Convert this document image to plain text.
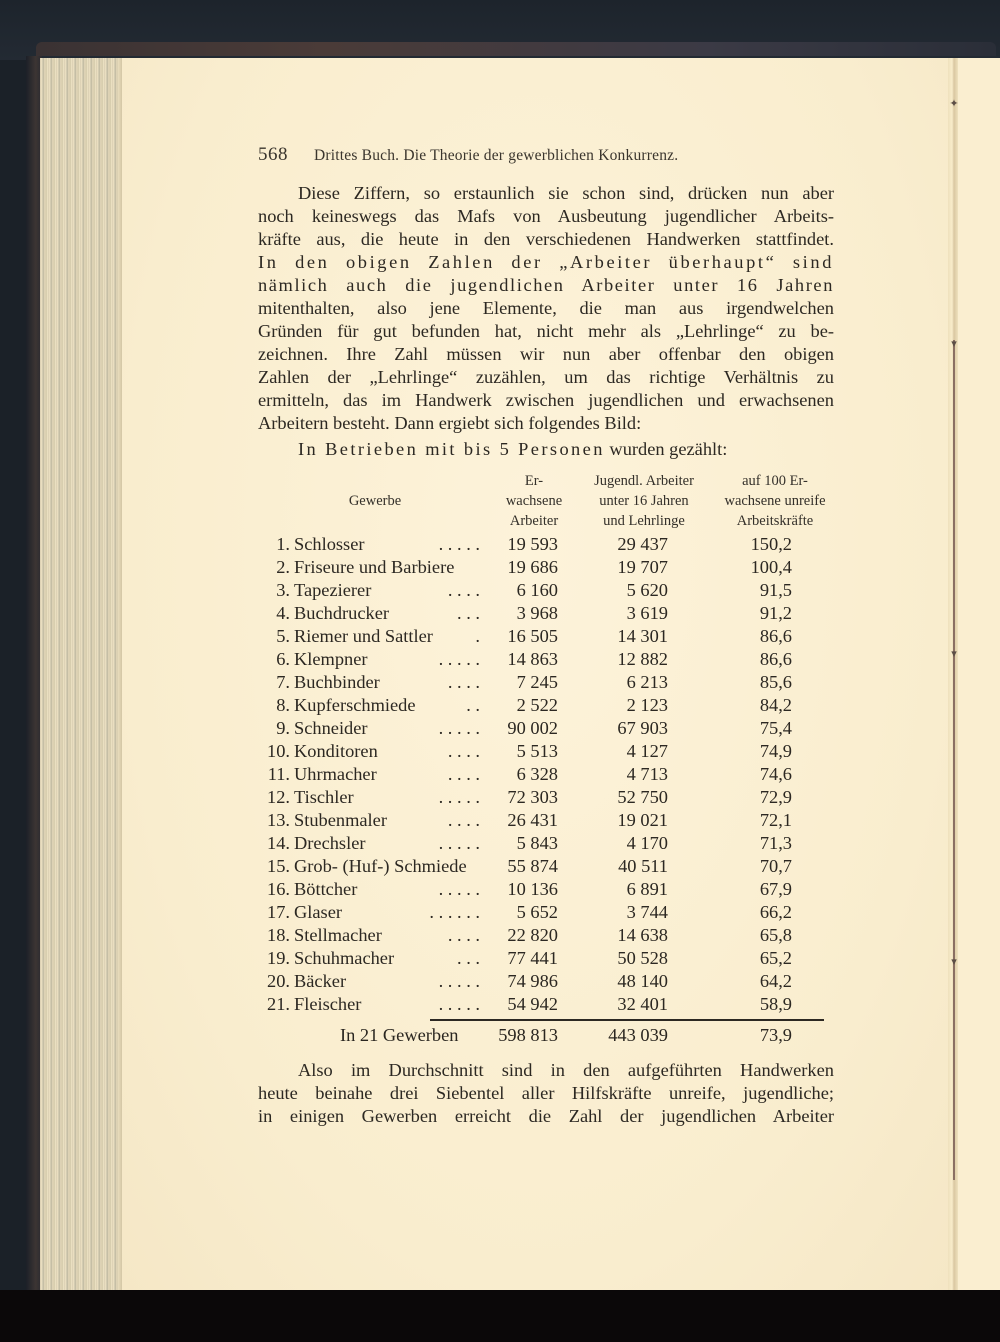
✦
▾
▾
▾
568 Drittes Buch. Die Theorie der gewerblichen Konkurrenz.
Diese Ziffern, so erstaunlich sie schon sind, drücken nun aber
noch keineswegs das Mafs von Ausbeutung jugendlicher Arbeits-
kräfte aus, die heute in den verschiedenen Handwerken stattfindet.
In den obigen Zahlen der „Arbeiter überhaupt“ sind
nämlich auch die jugendlichen Arbeiter unter 16 Jahren
mitenthalten, also jene Elemente, die man aus irgendwelchen
Gründen für gut befunden hat, nicht mehr als „Lehrlinge“ zu be-
zeichnen. Ihre Zahl müssen wir nun aber offenbar den obigen
Zahlen der „Lehrlinge“ zuzählen, um das richtige Verhältnis zu
ermitteln, das im Handwerk zwischen jugendlichen und erwachsenen
Arbeitern besteht. Dann ergiebt sich folgendes Bild:
In Betrieben mit bis 5 Personen wurden gezählt:
Gewerbe
Er-
wachsene
Arbeiter
Jugendl. Arbeiter
unter 16 Jahren
und Lehrlinge
auf 100 Er-
wachsene unreife
Arbeitskräfte
1. Schlosser	. . . . .	19 593	29 437	150,2
2. Friseure und Barbiere	19 686	19 707	100,4
3. Tapezierer	. . . .	6 160	5 620	91,5
4. Buchdrucker	. . .	3 968	3 619	91,2
5. Riemer und Sattler	.	16 505	14 301	86,6
6. Klempner	. . . . .	14 863	12 882	86,6
7. Buchbinder	. . . .	7 245	6 213	85,6
8. Kupferschmiede	. .	2 522	2 123	84,2
9. Schneider	. . . . .	90 002	67 903	75,4
10. Konditoren	. . . .	5 513	4 127	74,9
11. Uhrmacher	. . . .	6 328	4 713	74,6
12. Tischler	. . . . .	72 303	52 750	72,9
13. Stubenmaler	. . . .	26 431	19 021	72,1
14. Drechsler	. . . . .	5 843	4 170	71,3
15. Grob- (Huf-) Schmiede	55 874	40 511	70,7
16. Böttcher	. . . . .	10 136	6 891	67,9
17. Glaser	. . . . . .	5 652	3 744	66,2
18. Stellmacher	. . . .	22 820	14 638	65,8
19. Schuhmacher	. . .	77 441	50 528	65,2
20. Bäcker	. . . . .	74 986	48 140	64,2
21. Fleischer	. . . . .	54 942	32 401	58,9
In 21 Gewerben	598 813	443 039	73,9
Also im Durchschnitt sind in den aufgeführten Handwerken
heute beinahe drei Siebentel aller Hilfskräfte unreife, jugendliche;
in einigen Gewerben erreicht die Zahl der jugendlichen Arbeiter
